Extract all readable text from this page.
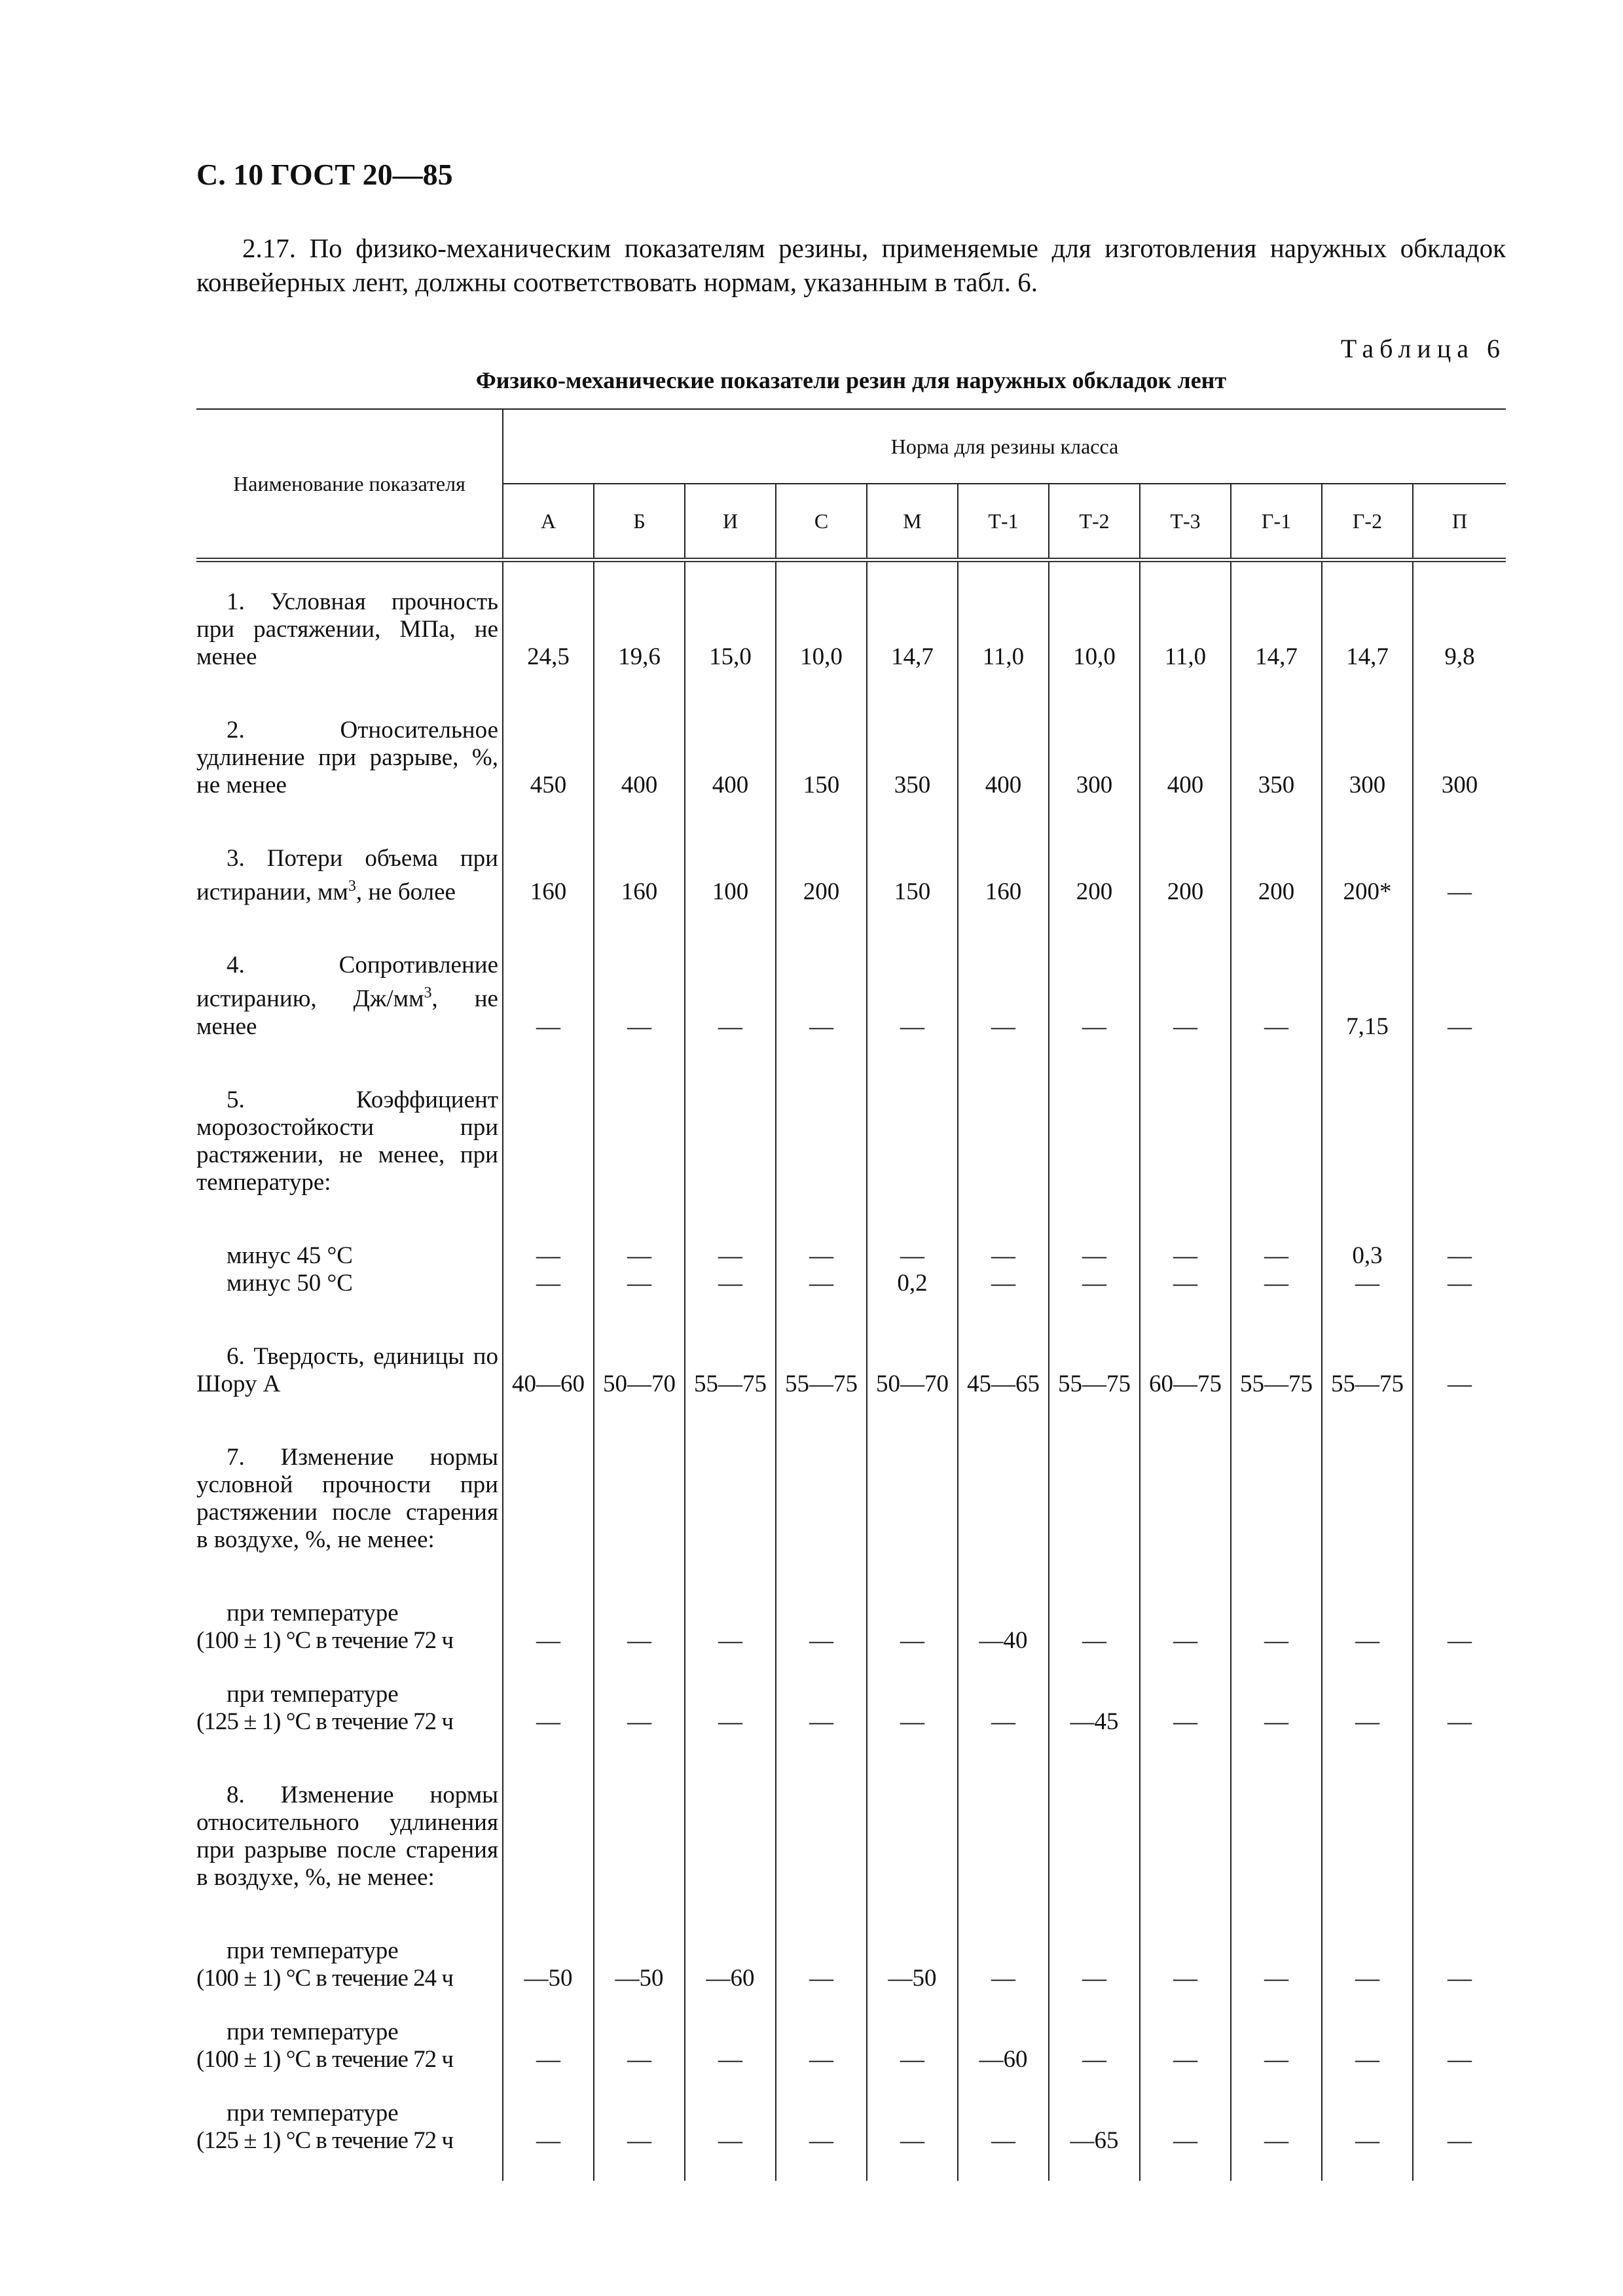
С. 10 ГОСТ 20—85

2.17. По физико-механическим показателям резины, применяемые для изготовления наружных обкладок конвейерных лент, должны соответствовать нормам, указанным в табл. 6.

Таблица 6
Физико-механические показатели резин для наружных обкладок лент
Наименование показателя	Норма для резины класса										
	А	Б	И	С	М	Т-1	Т-2	Т-3	Г-1	Г-2	П

1. Условная прочность при растяжении, МПа, не менее	24,5	19,6	15,0	10,0	14,7	11,0	10,0	11,0	14,7	14,7	9,8

2. Относительное удлинение при разрыве, %, не менее	450	400	400	150	350	400	300	400	350	300	300

3. Потери объема при истирании, $мм^3$, не более	160	160	100	200	150	160	200	200	200	200*	—

4. Сопротивление истиранию, $Дж/мм^3$, не менее	—	—	—	—	—	—	—	—	—	7,15	—

5. Коэффициент морозостойкости при растяжении, не менее, при температуре:											

минус 45 °С	—	—	—	—	—	—	—	—	—	0,3	—

минус 50 °С	—	—	—	—	0,2	—	—	—	—	—	—

6. Твердость, единицы по Шору А	40—60	50—70	55—75	55—75	50—70	45—65	55—75	60—75	55—75	55—75	—

7. Изменение нормы условной прочности при растяжении после старения в воздухе, %, не менее:											

при температуре
(100 ± 1) °С в течение 72 ч	—	—	—	—	—	—40	—	—	—	—	—

при температуре
(125 ± 1) °С в течение 72 ч	—	—	—	—	—	—	—45	—	—	—	—

8. Изменение нормы относительного удлинения при разрыве после старения в воздухе, %, не менее:											

при температуре
(100 ± 1) °С в течение 24 ч	—50	—50	—60	—	—50	—	—	—	—	—	—

при температуре
(100 ± 1) °С в течение 72 ч	—	—	—	—	—	—60	—	—	—	—	—

при температуре
(125 ± 1) °С в течение 72 ч	—	—	—	—	—	—	—65	—	—	—	—
